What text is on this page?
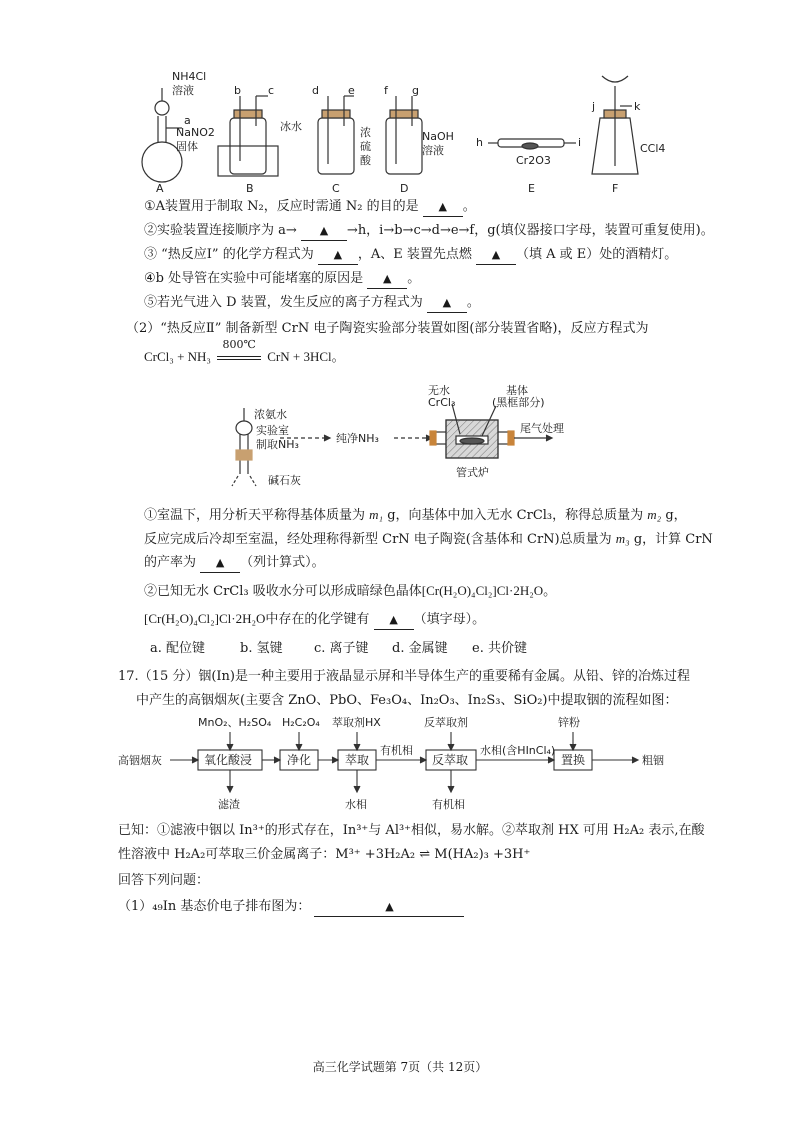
NH4Cl
溶液
a
NaNO2
固体
b c
冰水
d	e
浓
硫
酸
f g
NaOH
溶液
h	i
Cr2O3
j	k
CCl4
A	B	C	D	E	F
①A装置用于制取 N₂，反应时需通 N₂ 的目的是 ▲ 。
②实验装置连接顺序为 a→ ▲ →h，i→b→c→d→e→f，g(填仪器接口字母，装置可重复使用)。
③ “热反应Ⅰ” 的化学方程式为 ▲ ，A、E 装置先点燃 ▲ （填 A 或 E）处的酒精灯。
④b 处导管在实验中可能堵塞的原因是 ▲ 。
⑤若光气进入 D 装置，发生反应的离子方程式为 ▲ 。
（2）“热反应Ⅱ” 制备新型 CrN 电子陶瓷实验部分装置如图(部分装置省略)，反应方程式为
CrCl₃ + NH₃
800℃
CrN + 3HCl。
浓氨水
实验室
制取NH₃	纯净NH₃
无水
CrCl₃
基体
(黑框部分)
尾气处理
碱石灰
管式炉
①室温下，用分析天平称得基体质量为 m₁ g，向基体中加入无水 CrCl₃，称得总质量为 m₂ g，
反应完成后冷却至室温，经处理称得新型 CrN 电子陶瓷(含基体和 CrN)总质量为 m₃ g，计算 CrN
的产率为 ▲ （列计算式）。
②已知无水 CrCl₃ 吸收水分可以形成暗绿色晶体[Cr(H₂O)₄Cl₂]Cl·2H₂O。
[Cr(H₂O)₄Cl₂]Cl·2H₂O中存在的化学键有 ▲ （填字母）。
a. 配位键	b. 氢键 c. 离子键 d. 金属键 e. 共价键
17.（15 分）铟(In)是一种主要用于液晶显示屏和半导体生产的重要稀有金属。从铅、锌的冶炼过程
中产生的高铟烟灰(主要含 ZnO、PbO、Fe₃O₄、In₂O₃、In₂S₃、SiO₂)中提取铟的流程如图：
高铟烟灰	氧化酸浸	净化	萃取	反萃取	置换	粗铟
MnO₂、H₂SO₄ H₂C₂O₄ 萃取剂HX	反萃取剂	锌粉
有机相	水相(含HInCl₄)
滤渣	水相	有机相
已知：①滤液中铟以 In³⁺的形式存在，In³⁺与 Al³⁺相似，易水解。②萃取剂 HX 可用 H₂A₂ 表示,在酸
性溶液中 H₂A₂可萃取三价金属离子：M³⁺ +3H₂A₂ ⇌ M(HA₂)₃ +3H⁺
回答下列问题：
（1）₄₉In 基态价电子排布图为：	▲
高三化学试题第 7页（共 12页）
